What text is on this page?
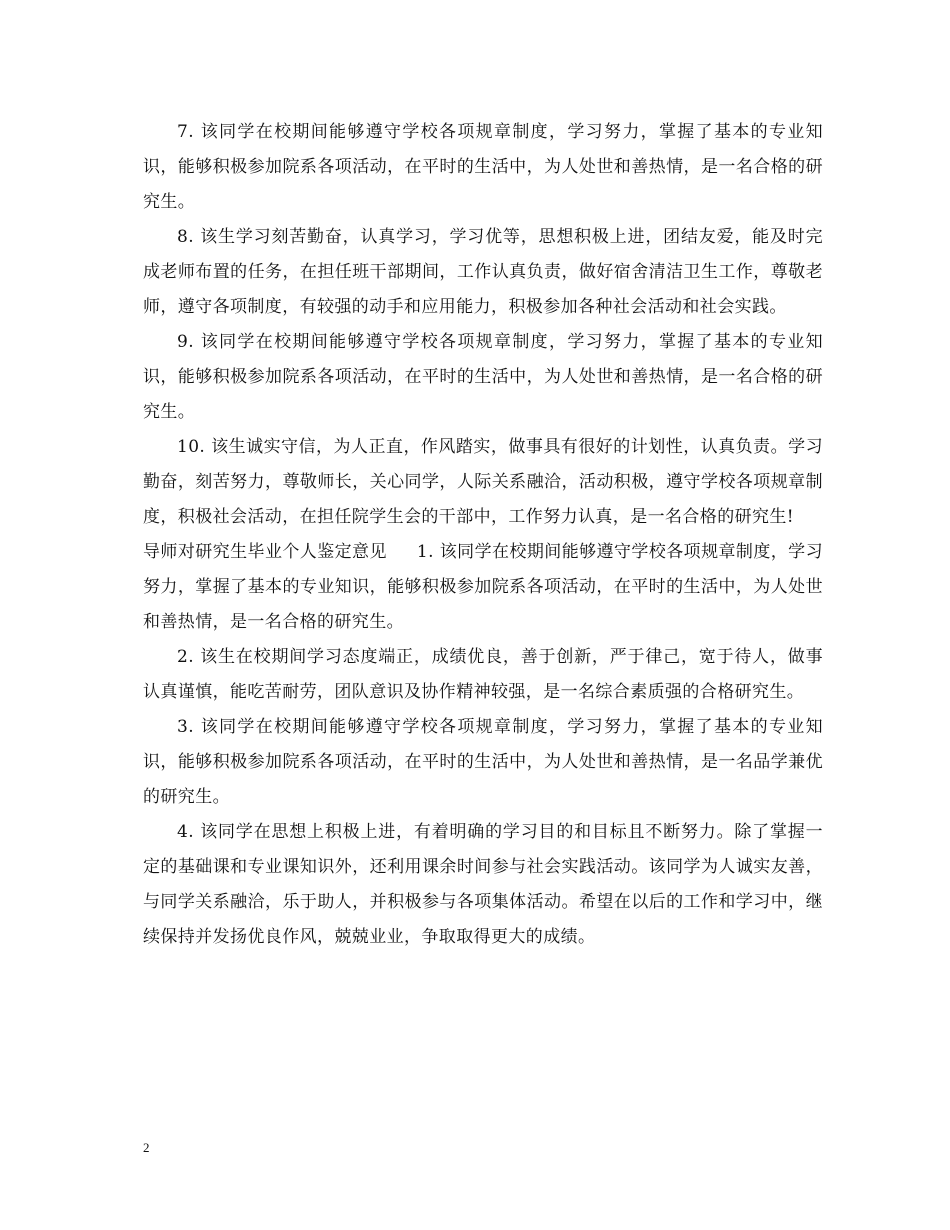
7. 该同学在校期间能够遵守学校各项规章制度，学习努力，掌握了基本的专业知识，能够积极参加院系各项活动，在平时的生活中，为人处世和善热情，是一名合格的研究生。

8. 该生学习刻苦勤奋，认真学习，学习优等，思想积极上进，团结友爱，能及时完成老师布置的任务，在担任班干部期间，工作认真负责，做好宿舍清洁卫生工作，尊敬老师，遵守各项制度，有较强的动手和应用能力，积极参加各种社会活动和社会实践。

9. 该同学在校期间能够遵守学校各项规章制度，学习努力，掌握了基本的专业知识，能够积极参加院系各项活动，在平时的生活中，为人处世和善热情，是一名合格的研究生。

10. 该生诚实守信，为人正直，作风踏实，做事具有很好的计划性，认真负责。学习勤奋，刻苦努力，尊敬师长，关心同学，人际关系融洽，活动积极，遵守学校各项规章制度，积极社会活动，在担任院学生会的干部中，工作努力认真，是一名合格的研究生!

导师对研究生毕业个人鉴定意见 1. 该同学在校期间能够遵守学校各项规章制度，学习努力，掌握了基本的专业知识，能够积极参加院系各项活动，在平时的生活中，为人处世和善热情，是一名合格的研究生。

2. 该生在校期间学习态度端正，成绩优良，善于创新，严于律己，宽于待人，做事认真谨慎，能吃苦耐劳，团队意识及协作精神较强，是一名综合素质强的合格研究生。

3. 该同学在校期间能够遵守学校各项规章制度，学习努力，掌握了基本的专业知识，能够积极参加院系各项活动，在平时的生活中，为人处世和善热情，是一名品学兼优的研究生。

4. 该同学在思想上积极上进，有着明确的学习目的和目标且不断努力。除了掌握一定的基础课和专业课知识外，还利用课余时间参与社会实践活动。该同学为人诚实友善，与同学关系融洽，乐于助人，并积极参与各项集体活动。希望在以后的工作和学习中，继续保持并发扬优良作风，兢兢业业，争取取得更大的成绩。

2
